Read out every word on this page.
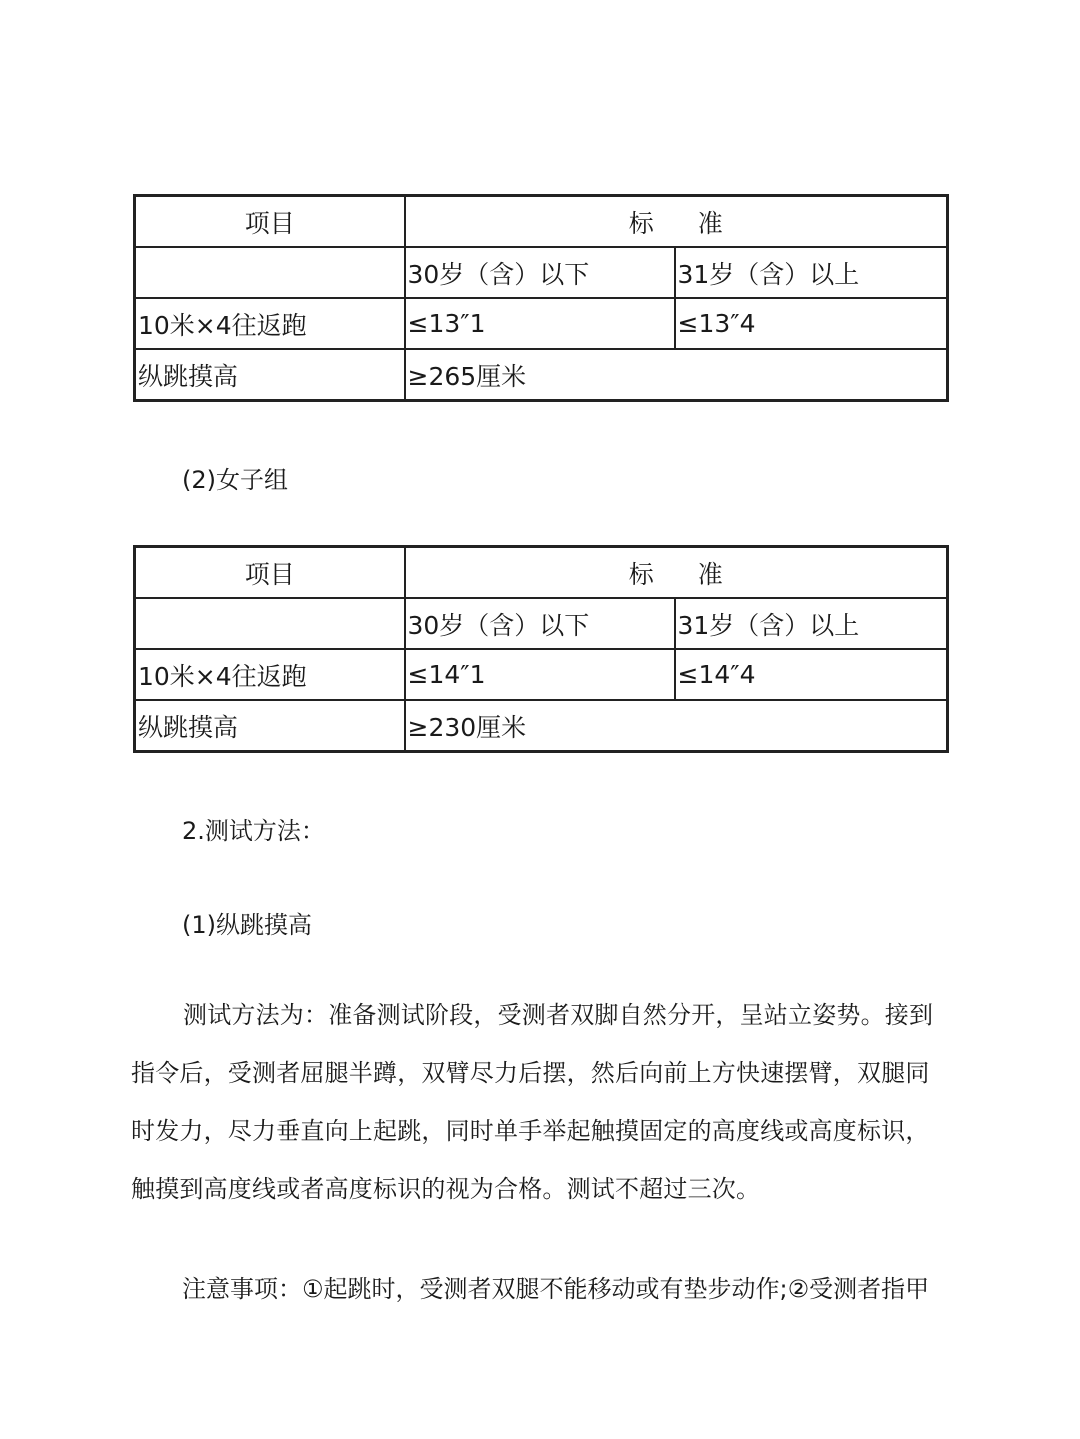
项目	标 准	
	30岁（含）以下	31岁（含）以上
10米×4往返跑	≤13″1	≤13″4
纵跳摸高	≥265厘米	
(2)女子组
项目	标 准	
	30岁（含）以下	31岁（含）以上
10米×4往返跑	≤14″1	≤14″4
纵跳摸高	≥230厘米	
2.测试方法：
(1)纵跳摸高
测试方法为：准备测试阶段，受测者双脚自然分开，呈站立姿势。接到指令后，受测者屈腿半蹲，双臂尽力后摆，然后向前上方快速摆臂，双腿同时发力，尽力垂直向上起跳，同时单手举起触摸固定的高度线或高度标识，触摸到高度线或者高度标识的视为合格。测试不超过三次。
注意事项：①起跳时，受测者双腿不能移动或有垫步动作;②受测者指甲
